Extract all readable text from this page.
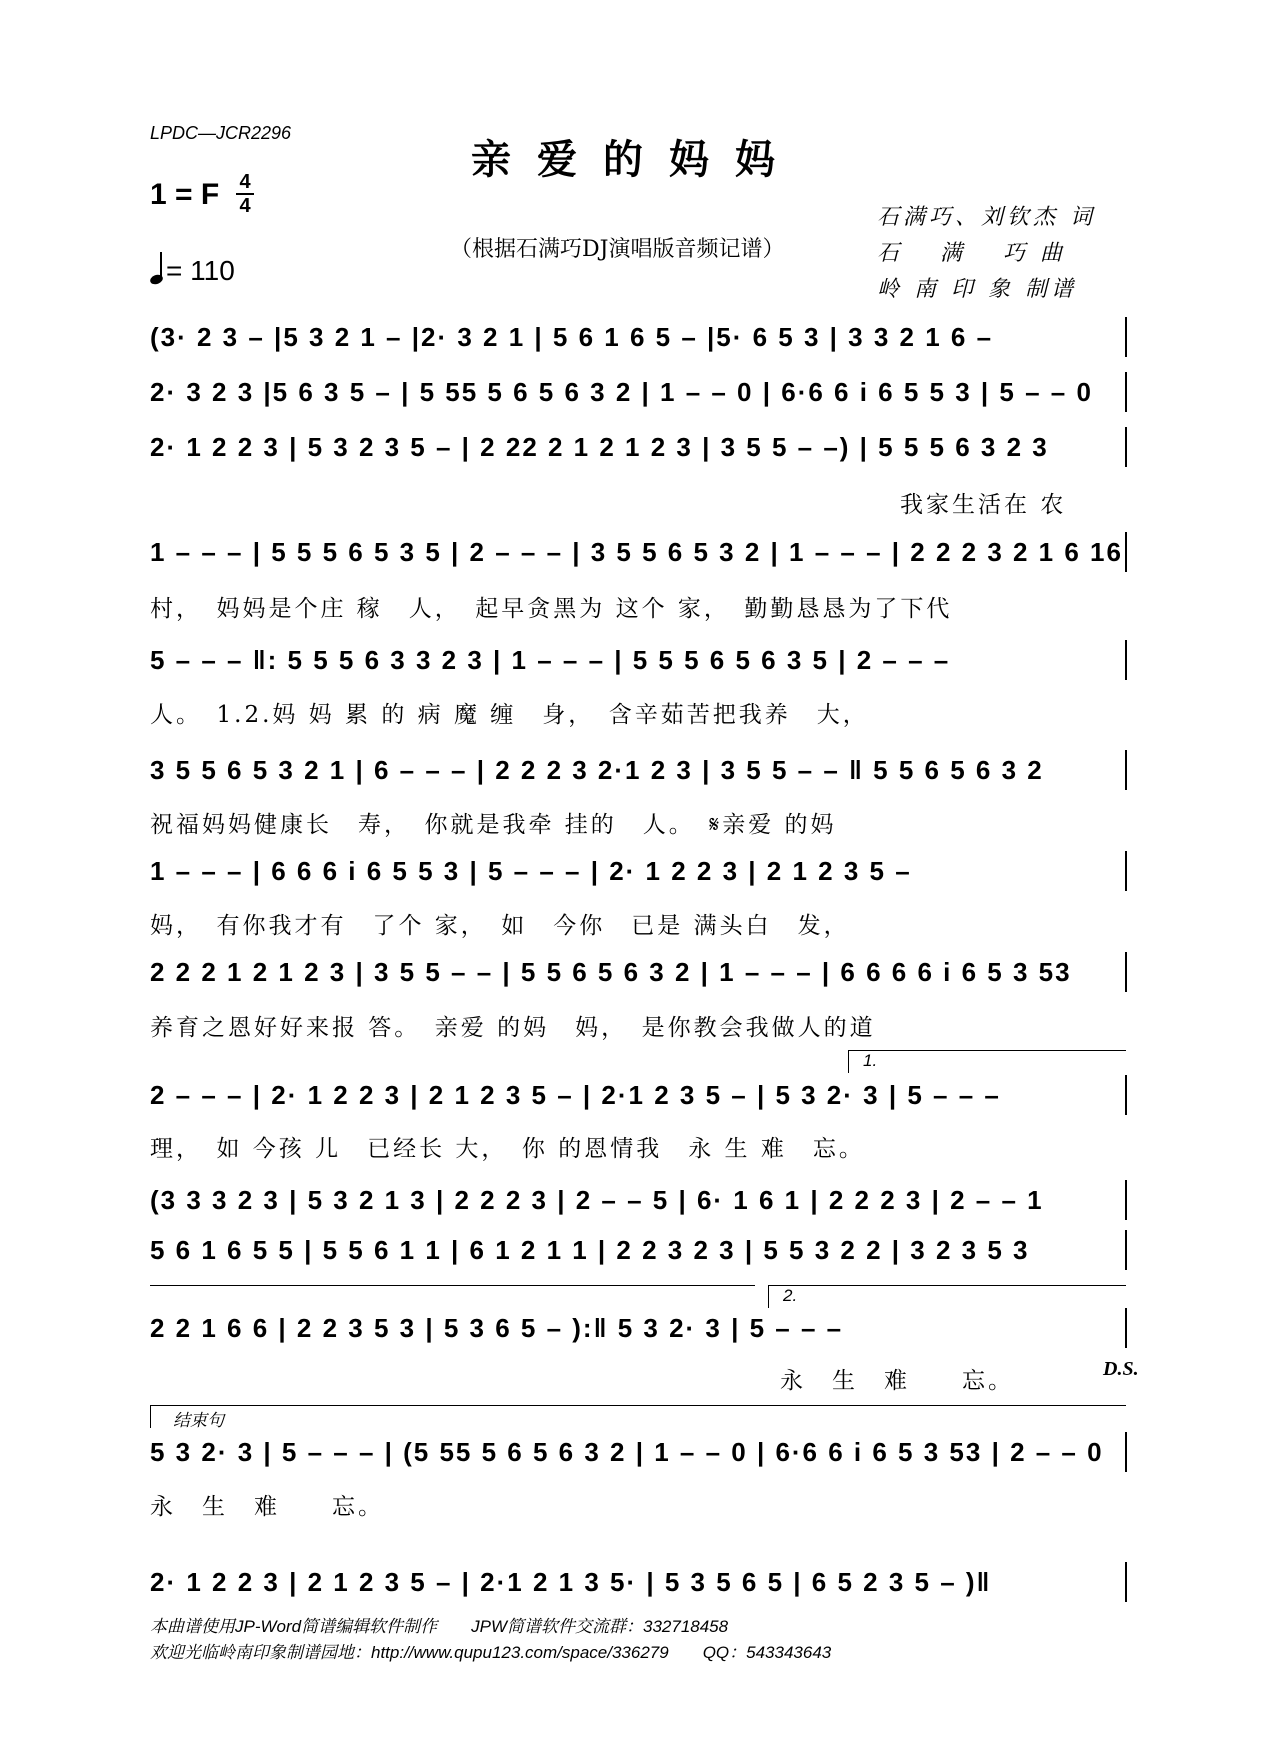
LPDC—JCR2296
亲爱的妈妈
1 = F 4
4
= 110
（根据石满巧DJ演唱版音频记谱）
石满巧、刘钦杰 词
石　 满　 巧 曲
岭 南 印 象 制谱
(3· 2 3 – |5 3 2 1 – |2· 3 2 1 | 5 6 1 6 5 – |5· 6 5 3 | 3 3 2 1 6 –
2· 3 2 3 |5 6 3 5 – | 5 55 5 6 5 6 3 2 | 1 – – 0 | 6·6 6 i 6 5 5 3 | 5 – – 0
2· 1 2 2 3 | 5 3 2 3 5 – | 2 22 2 1 2 1 2 3 | 3 5 5 – –) | 5 5 5 6 3 2 3
我家生活在 农
1 – – – | 5 5 5 6 5 3 5 | 2 – – – | 3 5 5 6 5 3 2 | 1 – – – | 2 2 2 3 2 1 6 16
村，　妈妈是个庄 稼　人，　起早贪黑为 这个 家，　勤勤恳恳为了下代
5 – – – ‖: 5 5 5 6 3 3 2 3 | 1 – – – | 5 5 5 6 5 6 3 5 | 2 – – –
人。　1.2.妈 妈 累 的 病 魔 缠　身，　含辛茹苦把我养　大，
3 5 5 6 5 3 2 1 | 6 – – – | 2 2 2 3 2·1 2 3 | 3 5 5 – – ‖ 5 5 6 5 6 3 2
祝福妈妈健康长　寿，　你就是我牵 挂的　人。　𝄋亲爱 的妈
1 – – – | 6 6 6 i 6 5 5 3 | 5 – – – | 2· 1 2 2 3 | 2 1 2 3 5 –
妈，　有你我才有　了个 家，　如　今你　已是 满头白　发，
2 2 2 1 2 1 2 3 | 3 5 5 – – | 5 5 6 5 6 3 2 | 1 – – – | 6 6 6 6 i 6 5 3 53
养育之恩好好来报 答。　亲爱 的妈　妈，　是你教会我做人的道
1.
2 – – – | 2· 1 2 2 3 | 2 1 2 3 5 – | 2·1 2 3 5 – | 5 3 2· 3 | 5 – – –
理，　如 今孩 儿　已经长 大，　你 的恩情我　永 生 难　忘。
(3 3 3 2 3 | 5 3 2 1 3 | 2 2 2 3 | 2 – – 5 | 6· 1 6 1 | 2 2 2 3 | 2 – – 1
5 6 1 6 5 5 | 5 5 6 1 1 | 6 1 2 1 1 | 2 2 3 2 3 | 5 5 3 2 2 | 3 2 3 5 3
2.
2 2 1 6 6 | 2 2 3 5 3 | 5 3 6 5 – ):‖ 5 3 2· 3 | 5 – – –
永　生　难　　忘。	D.S.
结束句
5 3 2· 3 | 5 – – – | (5 55 5 6 5 6 3 2 | 1 – – 0 | 6·6 6 i 6 5 3 53 | 2 – – 0
永　生　难　　忘。
2· 1 2 2 3 | 2 1 2 3 5 – | 2·1 2 1 3 5· | 5 3 5 6 5 | 6 5 2 3 5 – )‖
本曲谱使用JP-Word简谱编辑软件制作　　JPW简谱软件交流群：332718458
欢迎光临岭南印象制谱园地：http://www.qupu123.com/space/336279　　QQ：543343643
